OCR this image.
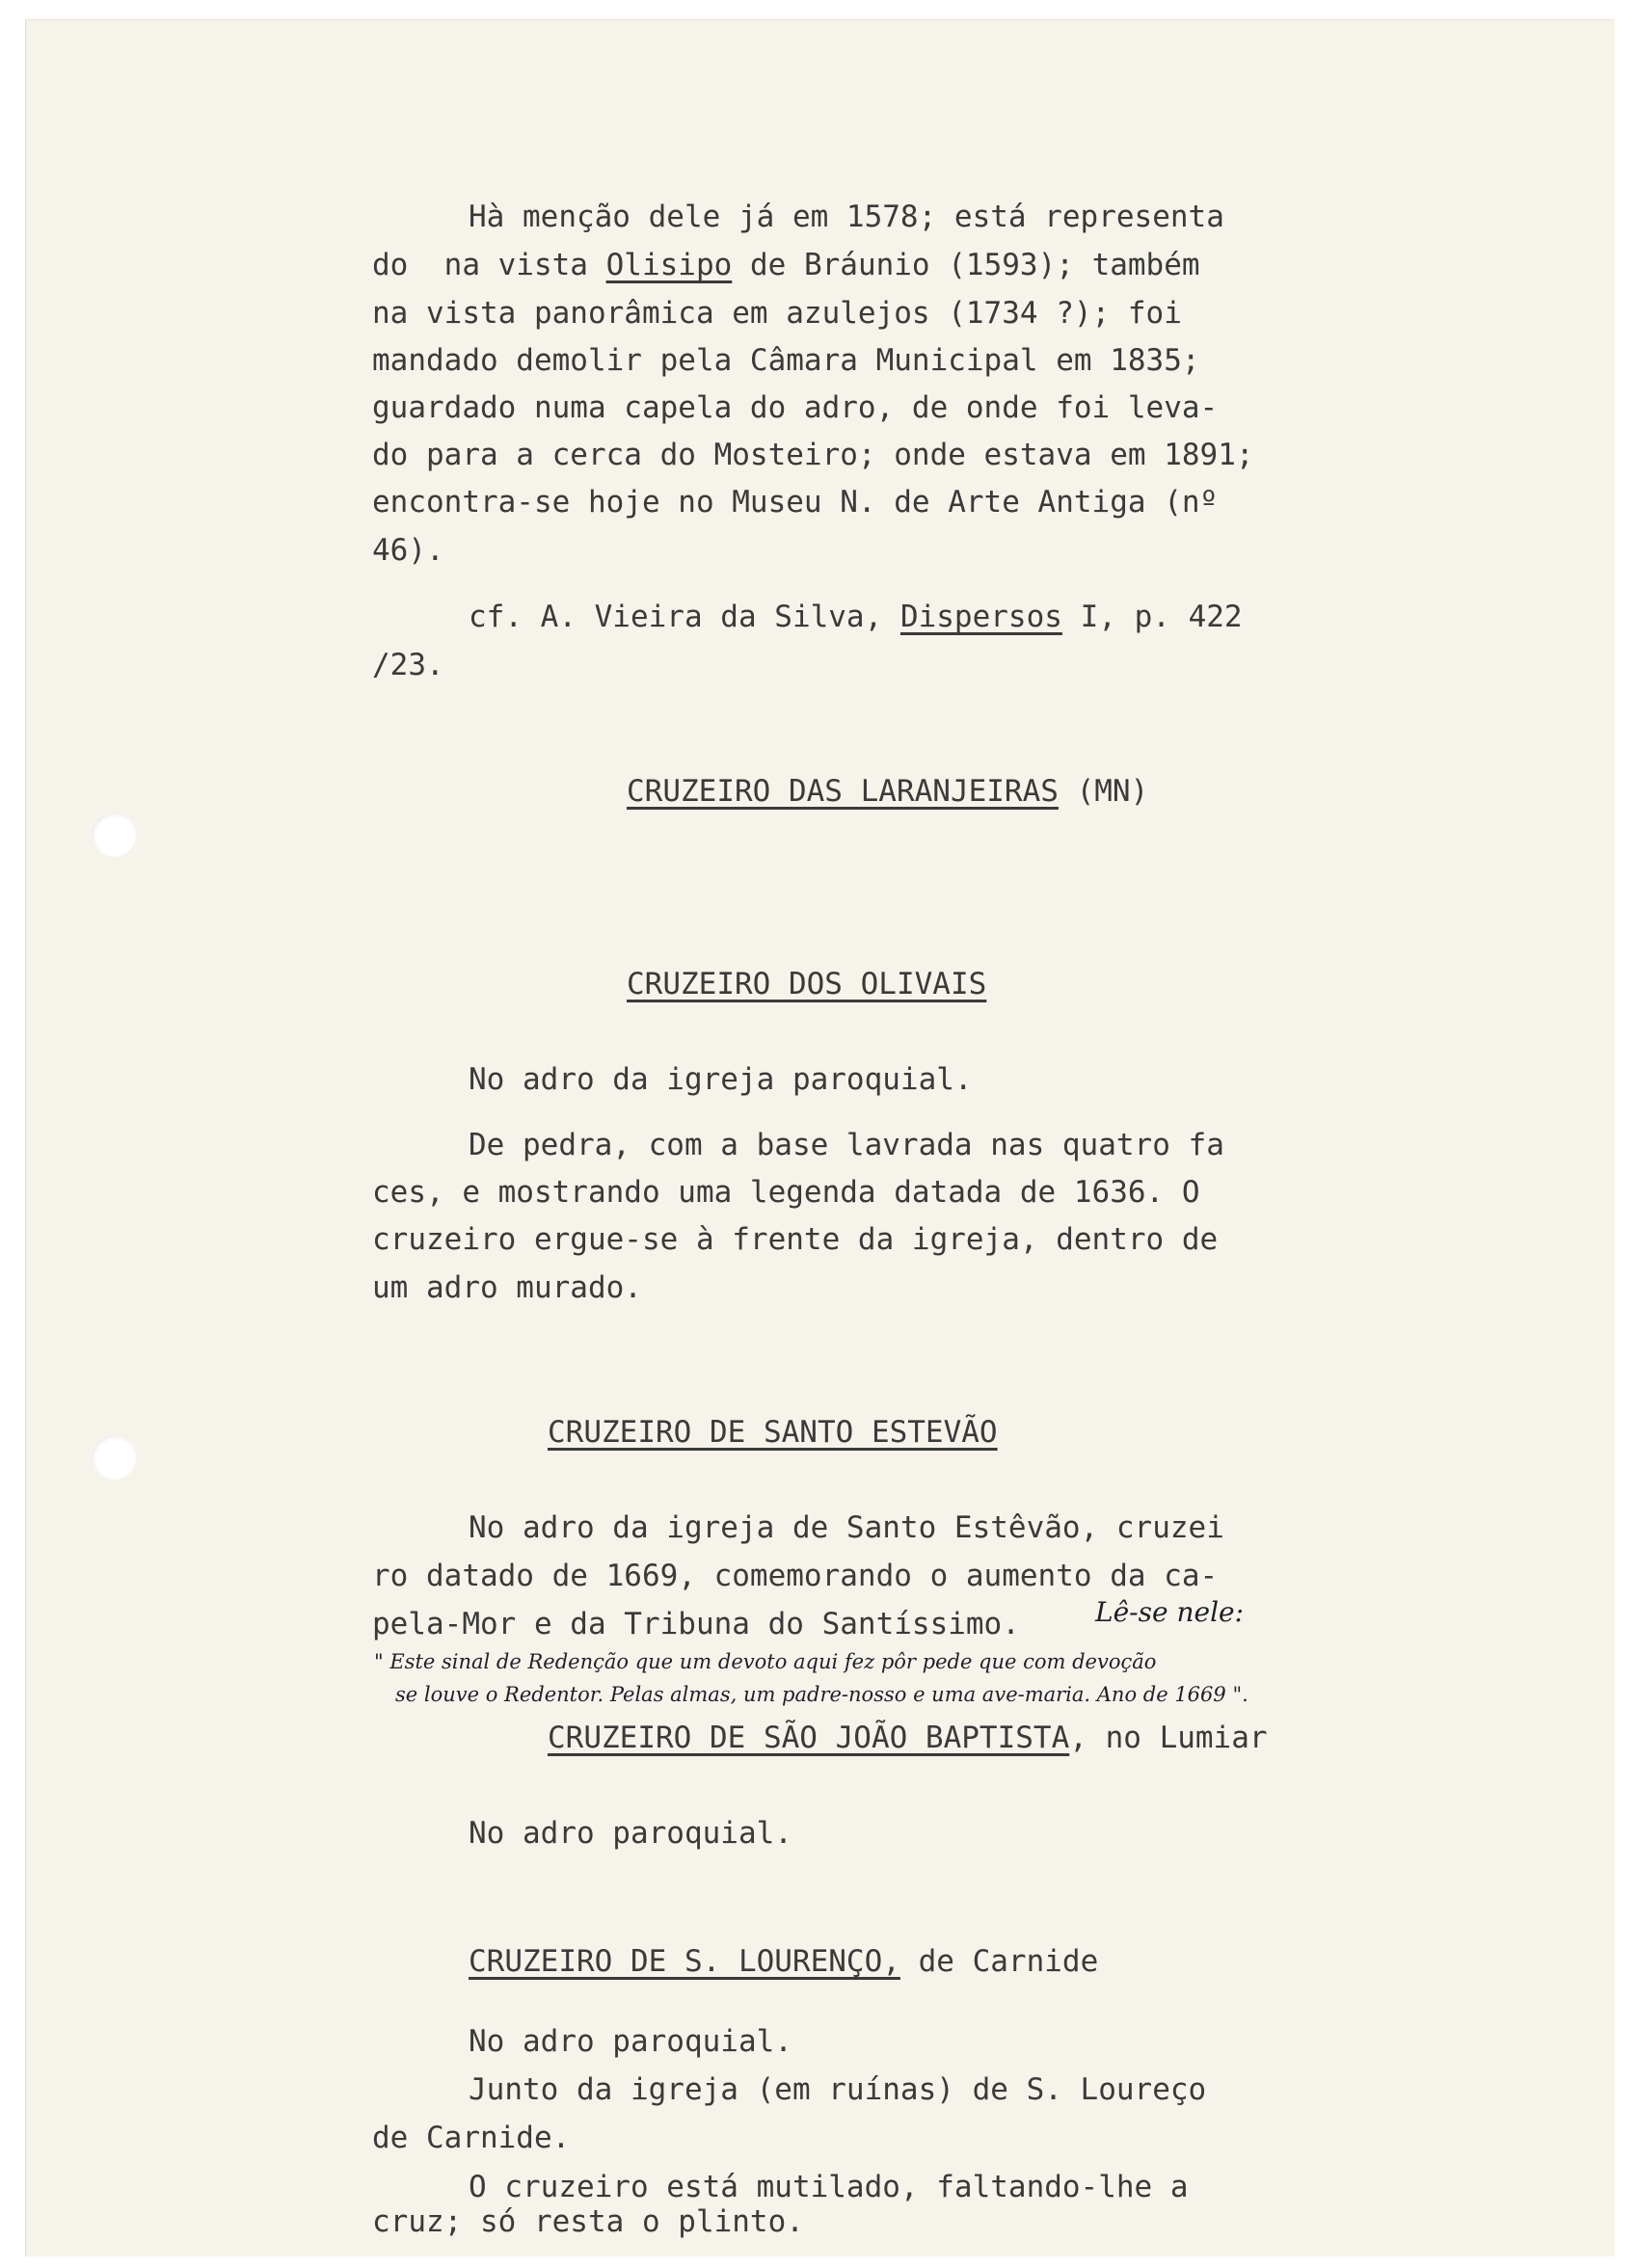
Hà menção dele já em 1578; está representa
do  na vista Olisipo de Bráunio (1593); também
na vista panorâmica em azulejos (1734 ?); foi
mandado demolir pela Câmara Municipal em 1835;
guardado numa capela do adro, de onde foi leva-
do para a cerca do Mosteiro; onde estava em 1891;
encontra-se hoje no Museu N. de Arte Antiga (nº
46).
cf. A. Vieira da Silva, Dispersos I, p. 422
/23.
CRUZEIRO DAS LARANJEIRAS (MN)
CRUZEIRO DOS OLIVAIS
No adro da igreja paroquial.
De pedra, com a base lavrada nas quatro fa
ces, e mostrando uma legenda datada de 1636. O
cruzeiro ergue-se à frente da igreja, dentro de
um adro murado.
CRUZEIRO DE SANTO ESTEVÃO
No adro da igreja de Santo Estêvão, cruzei
ro datado de 1669, comemorando o aumento da ca-
pela-Mor e da Tribuna do Santíssimo.	Lê-se nele:
" Este sinal de Redenção que um devoto aqui fez pôr pede que com devoção
se louve o Redentor. Pelas almas, um padre-nosso e uma ave-maria. Ano de 1669 ".
CRUZEIRO DE SÃO JOÃO BAPTISTA, no Lumiar
No adro paroquial.
CRUZEIRO DE S. LOURENÇO, de Carnide
No adro paroquial.
Junto da igreja (em ruínas) de S. Loureço
de Carnide.
O cruzeiro está mutilado, faltando-lhe a
cruz; só resta o plinto.
